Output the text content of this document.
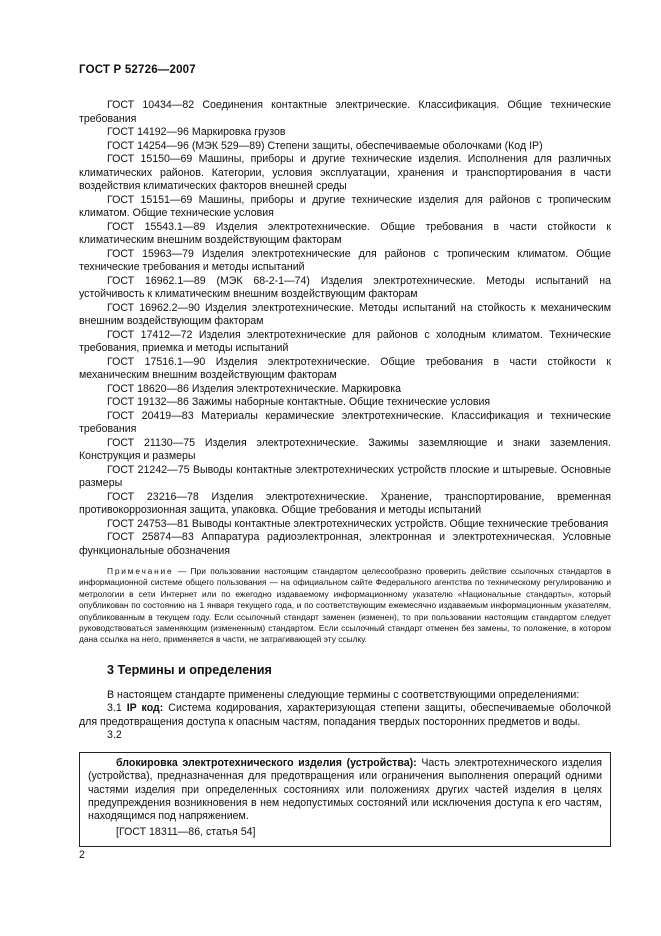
ГОСТ Р 52726—2007

ГОСТ 10434—82 Соединения контактные электрические. Классификация. Общие технические требования

ГОСТ 14192—96 Маркировка грузов

ГОСТ 14254—96 (МЭК 529—89) Степени защиты, обеспечиваемые оболочками (Код IP)

ГОСТ 15150—69 Машины, приборы и другие технические изделия. Исполнения для различных климатических районов. Категории, условия эксплуатации, хранения и транспортирования в части воздействия климатических факторов внешней среды

ГОСТ 15151—69 Машины, приборы и другие технические изделия для районов с тропическим климатом. Общие технические условия

ГОСТ 15543.1—89 Изделия электротехнические. Общие требования в части стойкости к климатическим внешним воздействующим факторам

ГОСТ 15963—79 Изделия электротехнические для районов с тропическим климатом. Общие технические требования и методы испытаний

ГОСТ 16962.1—89 (МЭК 68-2-1—74) Изделия электротехнические. Методы испытаний на устойчивость к климатическим внешним воздействующим факторам

ГОСТ 16962.2—90 Изделия электротехнические. Методы испытаний на стойкость к механическим внешним воздействующим факторам

ГОСТ 17412—72 Изделия электротехнические для районов с холодным климатом. Технические требования, приемка и методы испытаний

ГОСТ 17516.1—90 Изделия электротехнические. Общие требования в части стойкости к механическим внешним воздействующим факторам

ГОСТ 18620—86 Изделия электротехнические. Маркировка

ГОСТ 19132—86 Зажимы наборные контактные. Общие технические условия

ГОСТ 20419—83 Материалы керамические электротехнические. Классификация и технические требования

ГОСТ 21130—75 Изделия электротехнические. Зажимы заземляющие и знаки заземления. Конструкция и размеры

ГОСТ 21242—75 Выводы контактные электротехнических устройств плоские и штыревые. Основные размеры

ГОСТ 23216—78 Изделия электротехнические. Хранение, транспортирование, временная противокоррозионная защита, упаковка. Общие требования и методы испытаний

ГОСТ 24753—81 Выводы контактные электротехнических устройств. Общие технические требования

ГОСТ 25874—83 Аппаратура радиоэлектронная, электронная и электротехническая. Условные функциональные обозначения

Примечание — При пользовании настоящим стандартом целесообразно проверить действие ссылочных стандартов в информационной системе общего пользования — на официальном сайте Федерального агентства по техническому регулированию и метрологии в сети Интернет или по ежегодно издаваемому информационному указателю «Национальные стандарты», который опубликован по состоянию на 1 января текущего года, и по соответствующим ежемесячно издаваемым информационным указателям, опубликованным в текущем году. Если ссылочный стандарт заменен (изменен), то при пользовании настоящим стандартом следует руководствоваться заменяющим (измененным) стандартом. Если ссылочный стандарт отменен без замены, то положение, в котором дана ссылка на него, применяется в части, не затрагивающей эту ссылку.
3 Термины и определения

В настоящем стандарте применены следующие термины с соответствующими определениями:

3.1 IP код: Система кодирования, характеризующая степени защиты, обеспечиваемые оболочкой для предотвращения доступа к опасным частям, попадания твердых посторонних предметов и воды.

3.2

блокировка электротехнического изделия (устройства): Часть электротехнического изделия (устройства), предназначенная для предотвращения или ограничения выполнения операций одними частями изделия при определенных состояниях или положениях других частей изделия в целях предупреждения возникновения в нем недопустимых состояний или исключения доступа к его частям, находящимся под напряжением.

[ГОСТ 18311—86, статья 54]

2
